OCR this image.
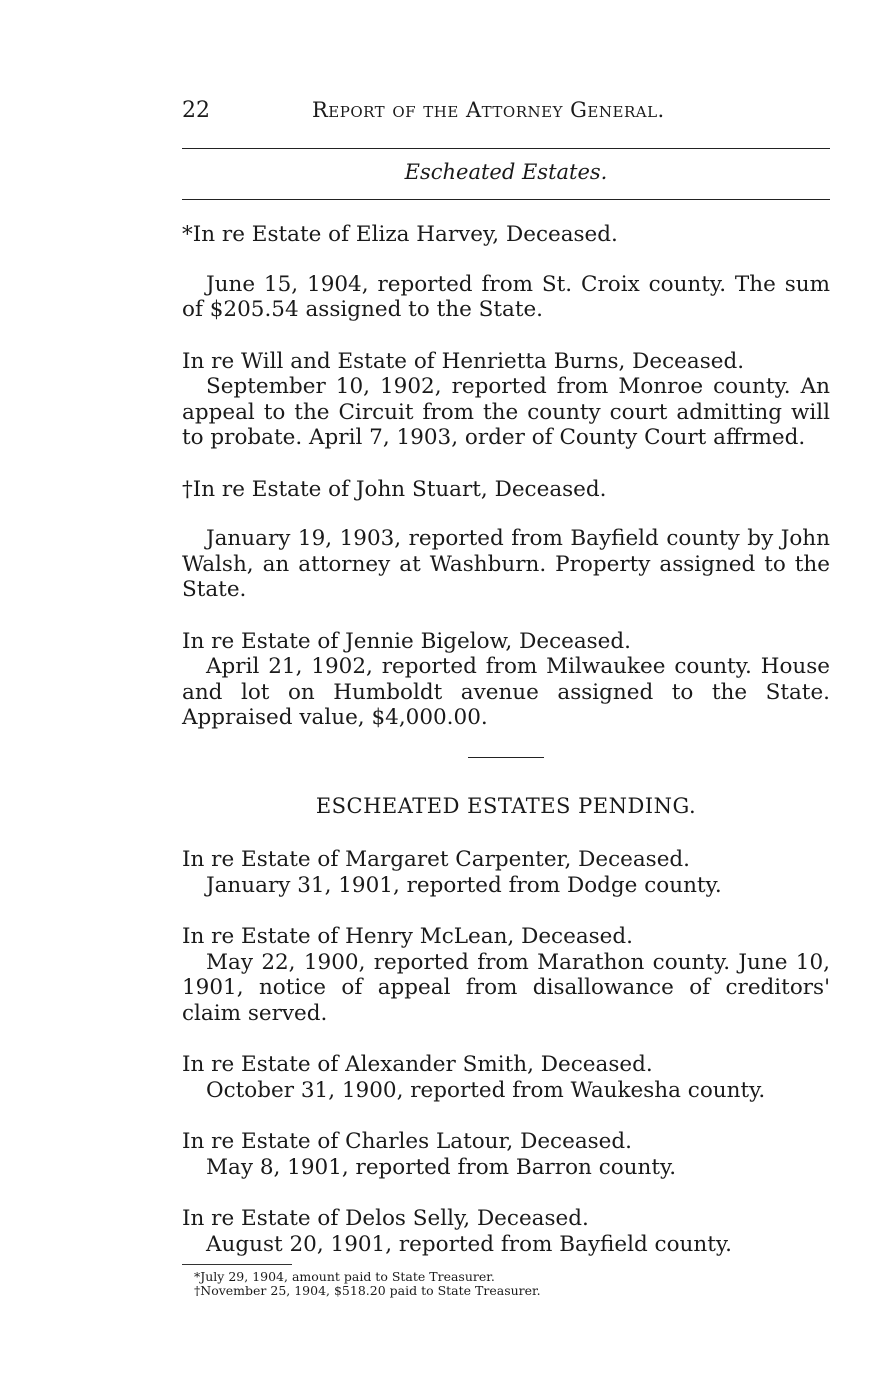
22	Report of the Attorney General.
Escheated Estates.

*In re Estate of Eliza Harvey, Deceased.

June 15, 1904, reported from St. Croix county. The sum of $205.54 assigned to the State.

In re Will and Estate of Henrietta Burns, Deceased.

September 10, 1902, reported from Monroe county. An appeal to the Circuit from the county court admitting will to probate. April 7, 1903, order of County Court affrmed.

†In re Estate of John Stuart, Deceased.

January 19, 1903, reported from Bayfield county by John Walsh, an attorney at Washburn. Property assigned to the State.

In re Estate of Jennie Bigelow, Deceased.

April 21, 1902, reported from Milwaukee county. House and lot on Humboldt avenue assigned to the State. Appraised value, $4,000.00.

ESCHEATED ESTATES PENDING.

In re Estate of Margaret Carpenter, Deceased.

January 31, 1901, reported from Dodge county.

In re Estate of Henry McLean, Deceased.

May 22, 1900, reported from Marathon county. June 10, 1901, notice of appeal from disallowance of creditors' claim served.

In re Estate of Alexander Smith, Deceased.

October 31, 1900, reported from Waukesha county.

In re Estate of Charles Latour, Deceased.

May 8, 1901, reported from Barron county.

In re Estate of Delos Selly, Deceased.

August 20, 1901, reported from Bayfield county.

*July 29, 1904, amount paid to State Treasurer.

†November 25, 1904, $518.20 paid to State Treasurer.
